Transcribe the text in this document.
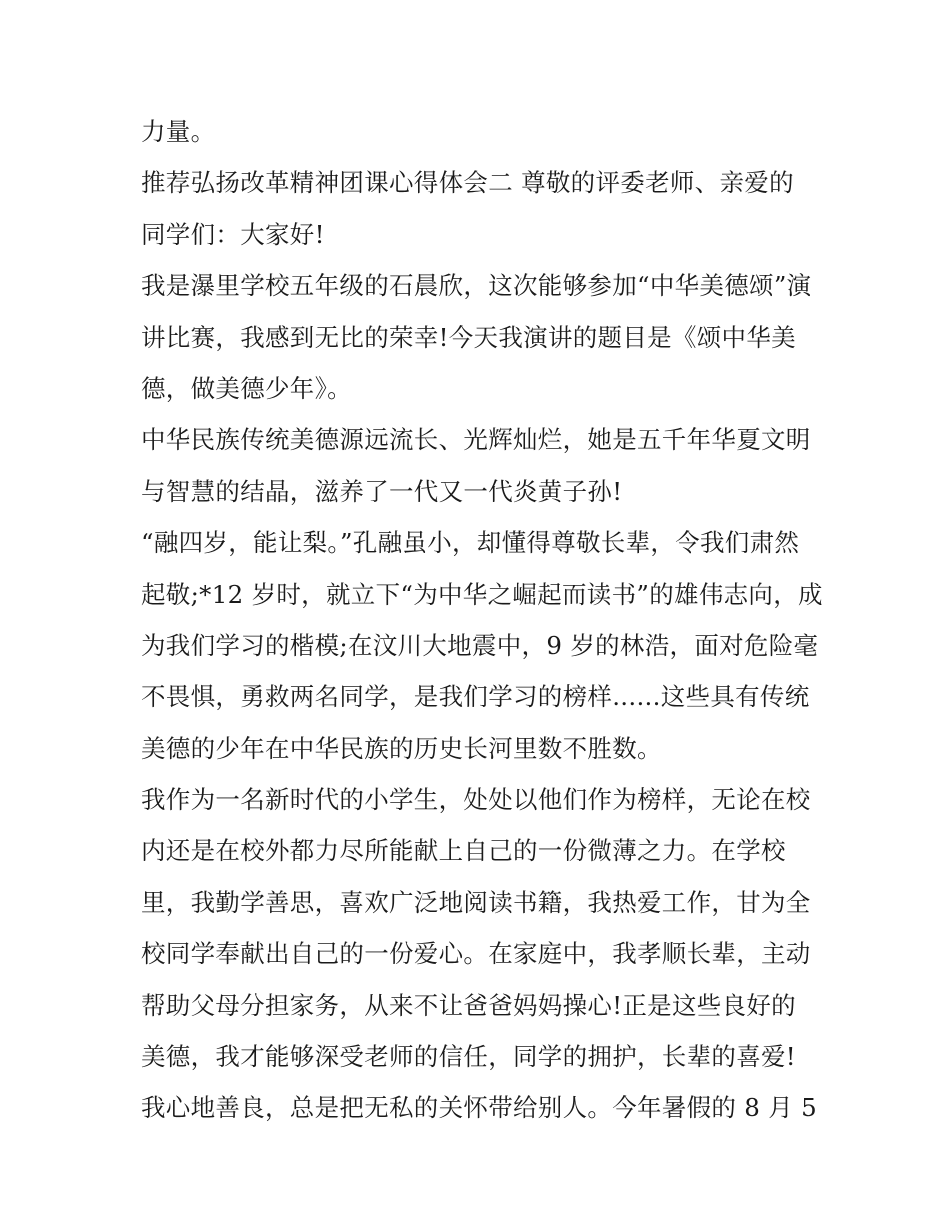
力量。
推荐弘扬改革精神团课心得体会二 尊敬的评委老师、亲爱的
同学们：大家好!
我是瀑里学校五年级的石晨欣，这次能够参加“中华美德颂”演
讲比赛，我感到无比的荣幸!今天我演讲的题目是《颂中华美
德，做美德少年》。
中华民族传统美德源远流长、光辉灿烂，她是五千年华夏文明
与智慧的结晶，滋养了一代又一代炎黄子孙!
“融四岁，能让梨。”孔融虽小，却懂得尊敬长辈，令我们肃然
起敬;*12 岁时，就立下“为中华之崛起而读书”的雄伟志向，成
为我们学习的楷模;在汶川大地震中，9 岁的林浩，面对危险毫
不畏惧，勇救两名同学，是我们学习的榜样......这些具有传统
美德的少年在中华民族的历史长河里数不胜数。
我作为一名新时代的小学生，处处以他们作为榜样，无论在校
内还是在校外都力尽所能献上自己的一份微薄之力。在学校
里，我勤学善思，喜欢广泛地阅读书籍，我热爱工作，甘为全
校同学奉献出自己的一份爱心。在家庭中，我孝顺长辈，主动
帮助父母分担家务，从来不让爸爸妈妈操心!正是这些良好的
美德，我才能够深受老师的信任，同学的拥护，长辈的喜爱!
我心地善良，总是把无私的关怀带给别人。今年暑假的 8 月 5
